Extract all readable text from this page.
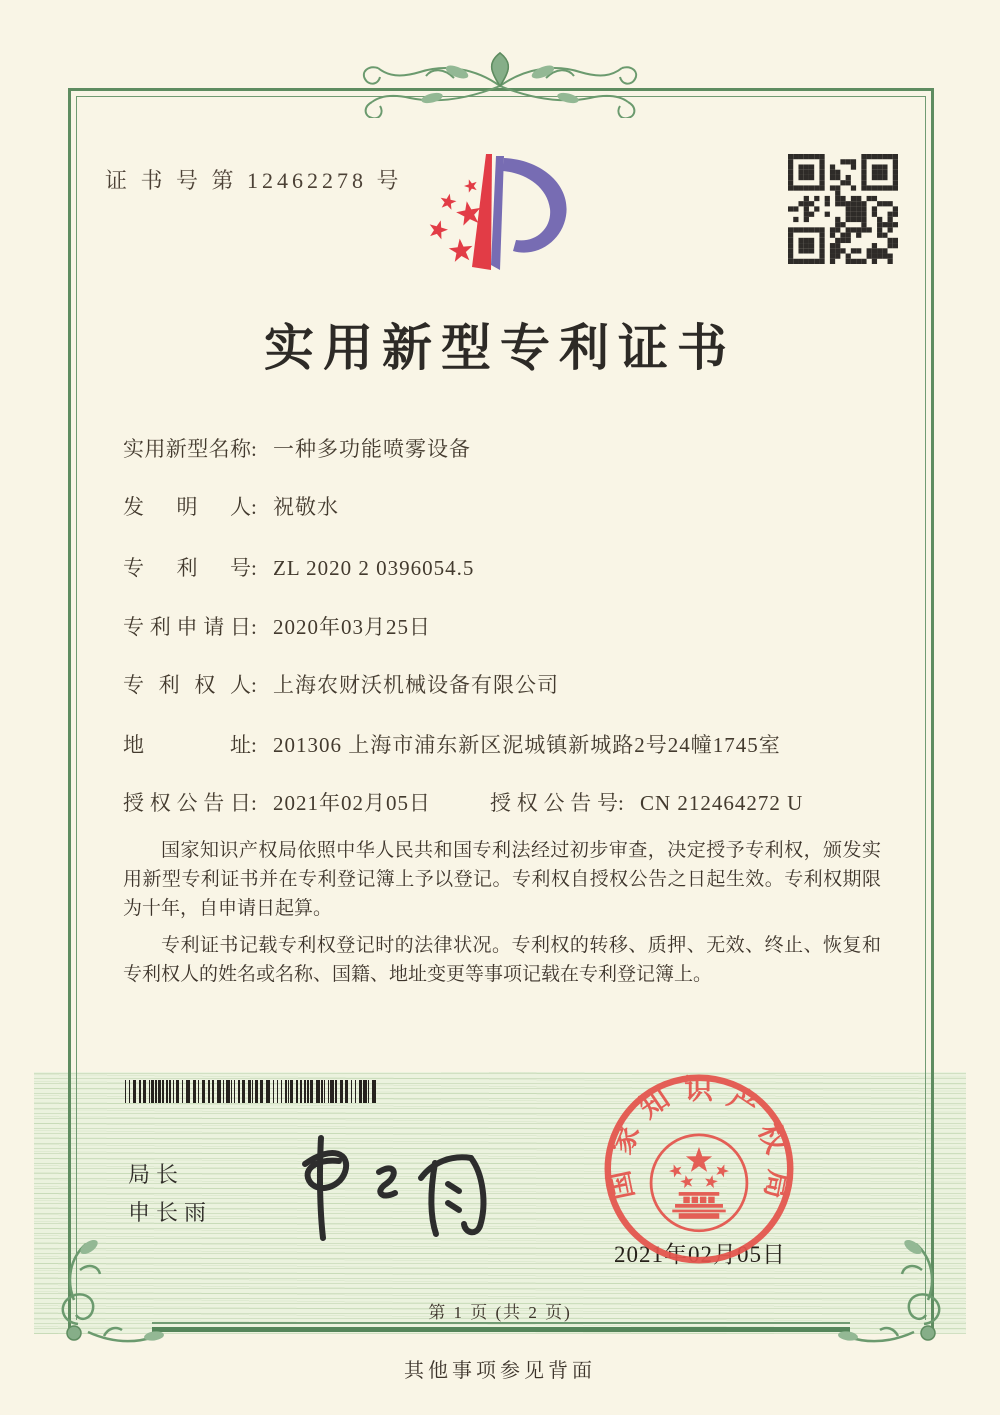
证 书 号 第 12462278 号
实用新型专利证书
实用新型名称: 一种多功能喷雾设备
发明人: 祝敬水
专利号: ZL 2020 2 0396054.5
专利申请日: 2020年03月25日
专利权人: 上海农财沃机械设备有限公司
地址: 201306 上海市浦东新区泥城镇新城路2号24幢1745室
授权公告日: 2021年02月05日	授权公告号: CN 212464272 U

国家知识产权局依照中华人民共和国专利法经过初步审查，决定授予专利权，颁发实用新型专利证书并在专利登记簿上予以登记。专利权自授权公告之日起生效。专利权期限为十年，自申请日起算。

专利证书记载专利权登记时的法律状况。专利权的转移、质押、无效、终止、恢复和专利权人的姓名或名称、国籍、地址变更等事项记载在专利登记簿上。

局长
申长雨
2021年02月05日
国家知识产权局
第 1 页 (共 2 页)
其他事项参见背面
